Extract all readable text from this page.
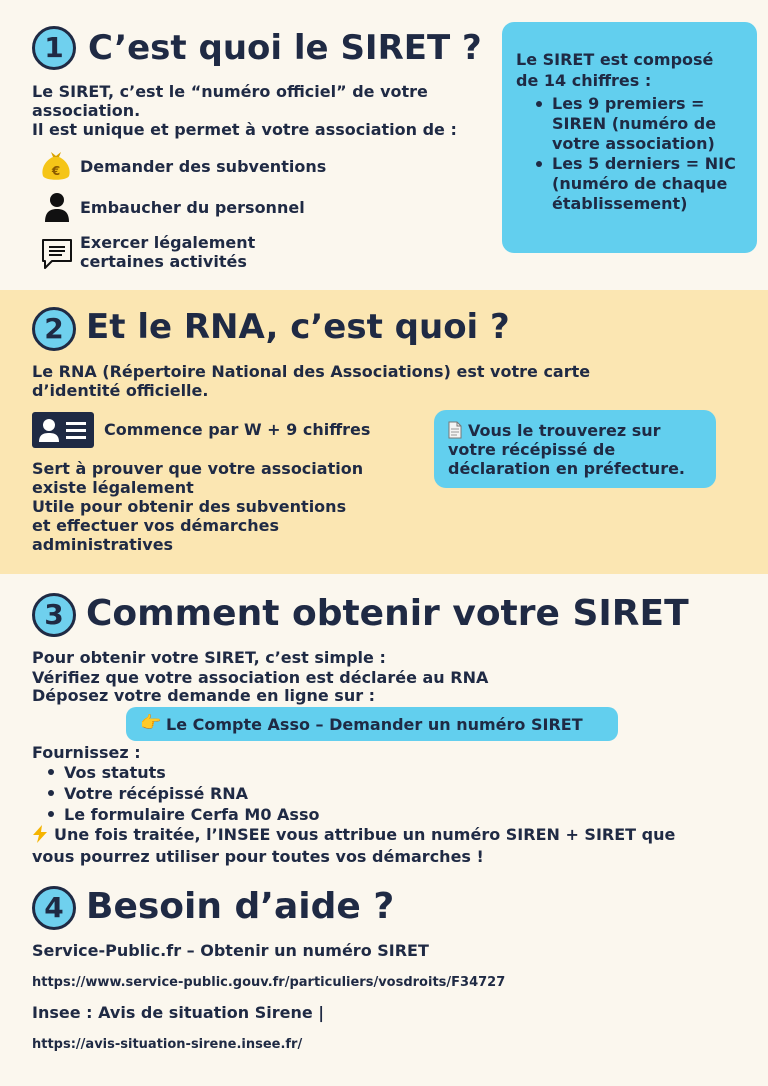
1 C’est quoi le SIRET ?

Le SIRET, c’est le “numéro officiel” de votre

association.

Il est unique et permet à votre association de :

€ Demander des subventions

Embaucher du personnel

Exercer légalement

certaines activités

Le SIRET est composé

de 14 chiffres :

Les 9 premiers =
SIREN (numéro de
votre association)
Les 5 derniers = NIC
(numéro de chaque
établissement)
2 Et le RNA, c’est quoi ?

Le RNA (Répertoire National des Associations) est votre carte

d’identité officielle.

Commence par W + 9 chiffres

Sert à prouver que votre association

existe légalement

Utile pour obtenir des subventions

et effectuer vos démarches

administratives

Vous le trouverez sur

votre récépissé de

déclaration en préfecture.

3 Comment obtenir votre SIRET

Pour obtenir votre SIRET, c’est simple :

Vérifiez que votre association est déclarée au RNA

Déposez votre demande en ligne sur :

👉 Le Compte Asso – Demander un numéro SIRET

Fournissez :

Vos statuts
Votre récépissé RNA
Le formulaire Cerfa M0 Asso

Une fois traitée, l’INSEE vous attribue un numéro SIREN + SIRET que

vous pourrez utiliser pour toutes vos démarches !

4 Besoin d’aide ?

Service-Public.fr – Obtenir un numéro SIRET

https://www.service-public.gouv.fr/particuliers/vosdroits/F34727

Insee : Avis de situation Sirene |

https://avis-situation-sirene.insee.fr/
